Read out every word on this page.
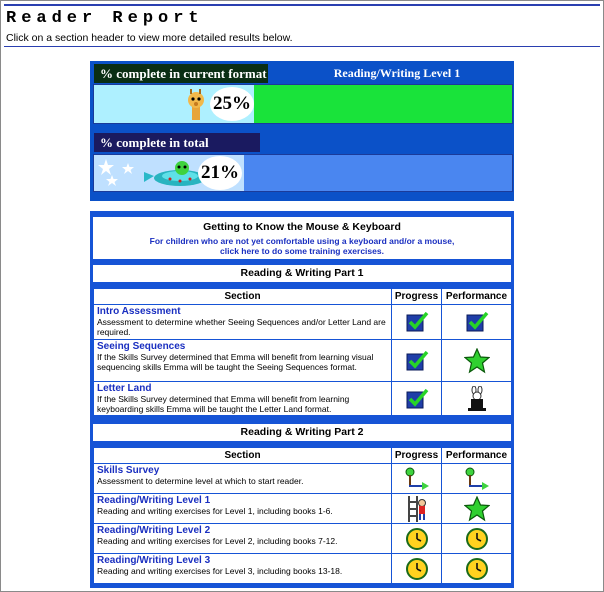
Reader Report
Click on a section header to view more detailed results below.
% complete in current format	Reading/Writing Level 1
25%
% complete in total
21%
Getting to Know the Mouse & Keyboard
For children who are not yet comfortable using a keyboard and/or a mouse,
click here to do some training exercises.
Reading & Writing Part 1
Section	Progress	Performance

Intro Assessment
Assessment to determine whether Seeing Sequences and/or Letter Land are required.

Seeing Sequences
If the Skills Survey determined that Emma will benefit from learning visual sequencing skills Emma will be taught the Seeing Sequences format.

Letter Land
If the Skills Survey determined that Emma will benefit from learning keyboarding skills Emma will be taught the Letter Land format.

Reading & Writing Part 2
Section	Progress	Performance

Skills Survey
Assessment to determine level at which to start reader.

Reading/Writing Level 1
Reading and writing exercises for Level 1, including books 1-6.

Reading/Writing Level 2
Reading and writing exercises for Level 2, including books 7-12.

Reading/Writing Level 3
Reading and writing exercises for Level 3, including books 13-18.
